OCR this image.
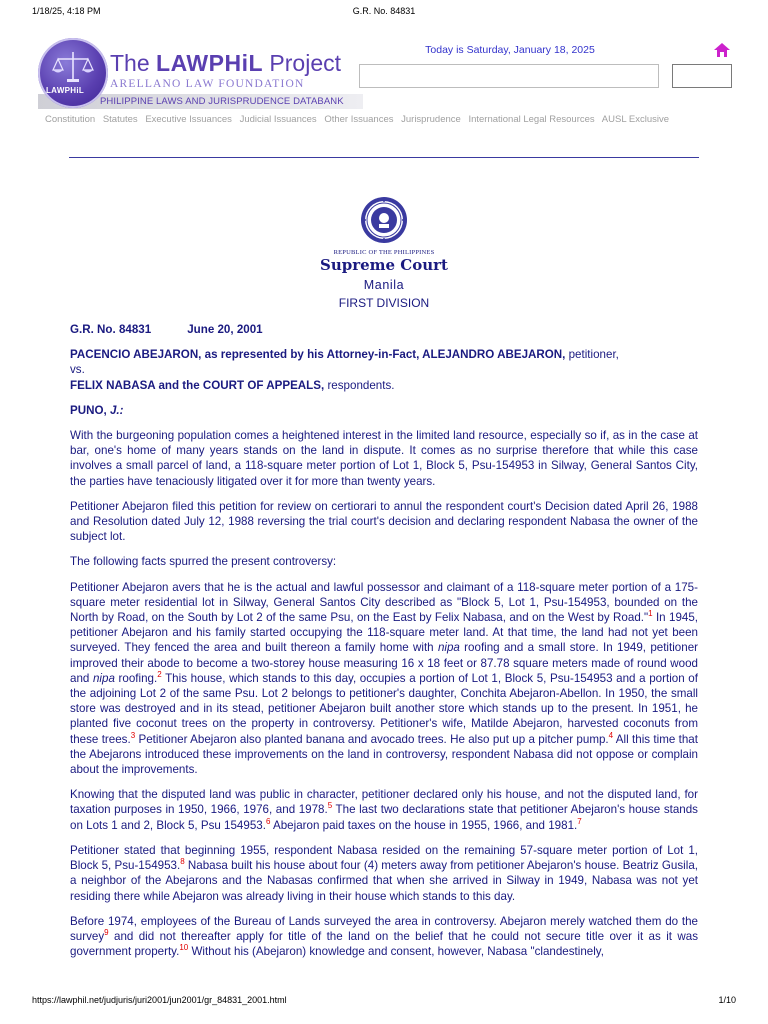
1/18/25, 4:18 PM	G.R. No. 84831
LAWPHiL
The LAWPHiL Project
ARELLANO LAW FOUNDATION
PHILIPPINE LAWS AND JURISPRUDENCE DATABANK
Today is Saturday, January 18, 2025
Constitution Statutes Executive Issuances Judicial Issuances Other Issuances Jurisprudence International Legal Resources AUSL Exclusive
REPUBLIC OF THE PHILIPPINES
Supreme Court
Manila
FIRST DIVISION

G.R. No. 84831	June 20, 2001

PACENCIO ABEJARON, as represented by his Attorney-in-Fact, ALEJANDRO ABEJARON, petitioner,

vs.

FELIX NABASA and the COURT OF APPEALS, respondents.

PUNO, J.:

With the burgeoning population comes a heightened interest in the limited land resource, especially so if, as in the case at bar, one's home of many years stands on the land in dispute. It comes as no surprise therefore that while this case involves a small parcel of land, a 118-square meter portion of Lot 1, Block 5, Psu-154953 in Silway, General Santos City, the parties have tenaciously litigated over it for more than twenty years.

Petitioner Abejaron filed this petition for review on certiorari to annul the respondent court's Decision dated April 26, 1988 and Resolution dated July 12, 1988 reversing the trial court's decision and declaring respondent Nabasa the owner of the subject lot.

The following facts spurred the present controversy:

Petitioner Abejaron avers that he is the actual and lawful possessor and claimant of a 118-square meter portion of a 175-square meter residential lot in Silway, General Santos City described as "Block 5, Lot 1, Psu-154953, bounded on the North by Road, on the South by Lot 2 of the same Psu, on the East by Felix Nabasa, and on the West by Road."$^1$ In 1945, petitioner Abejaron and his family started occupying the 118-square meter land. At that time, the land had not yet been surveyed. They fenced the area and built thereon a family home with nipa roofing and a small store. In 1949, petitioner improved their abode to become a two-storey house measuring 16 x 18 feet or 87.78 square meters made of round wood and nipa roofing.$^2$ This house, which stands to this day, occupies a portion of Lot 1, Block 5, Psu-154953 and a portion of the adjoining Lot 2 of the same Psu. Lot 2 belongs to petitioner's daughter, Conchita Abejaron-Abellon. In 1950, the small store was destroyed and in its stead, petitioner Abejaron built another store which stands up to the present. In 1951, he planted five coconut trees on the property in controversy. Petitioner's wife, Matilde Abejaron, harvested coconuts from these trees.$^3$ Petitioner Abejaron also planted banana and avocado trees. He also put up a pitcher pump.$^4$ All this time that the Abejarons introduced these improvements on the land in controversy, respondent Nabasa did not oppose or complain about the improvements.

Knowing that the disputed land was public in character, petitioner declared only his house, and not the disputed land, for taxation purposes in 1950, 1966, 1976, and 1978.$^5$ The last two declarations state that petitioner Abejaron's house stands on Lots 1 and 2, Block 5, Psu 154953.$^6$ Abejaron paid taxes on the house in 1955, 1966, and 1981.$^7$

Petitioner stated that beginning 1955, respondent Nabasa resided on the remaining 57-square meter portion of Lot 1, Block 5, Psu-154953.$^8$ Nabasa built his house about four (4) meters away from petitioner Abejaron's house. Beatriz Gusila, a neighbor of the Abejarons and the Nabasas confirmed that when she arrived in Silway in 1949, Nabasa was not yet residing there while Abejaron was already living in their house which stands to this day.

Before 1974, employees of the Bureau of Lands surveyed the area in controversy. Abejaron merely watched them do the survey$^9$ and did not thereafter apply for title of the land on the belief that he could not secure title over it as it was government property.$^{10}$ Without his (Abejaron) knowledge and consent, however, Nabasa "clandestinely,

https://lawphil.net/judjuris/juri2001/jun2001/gr_84831_2001.html	1/10
